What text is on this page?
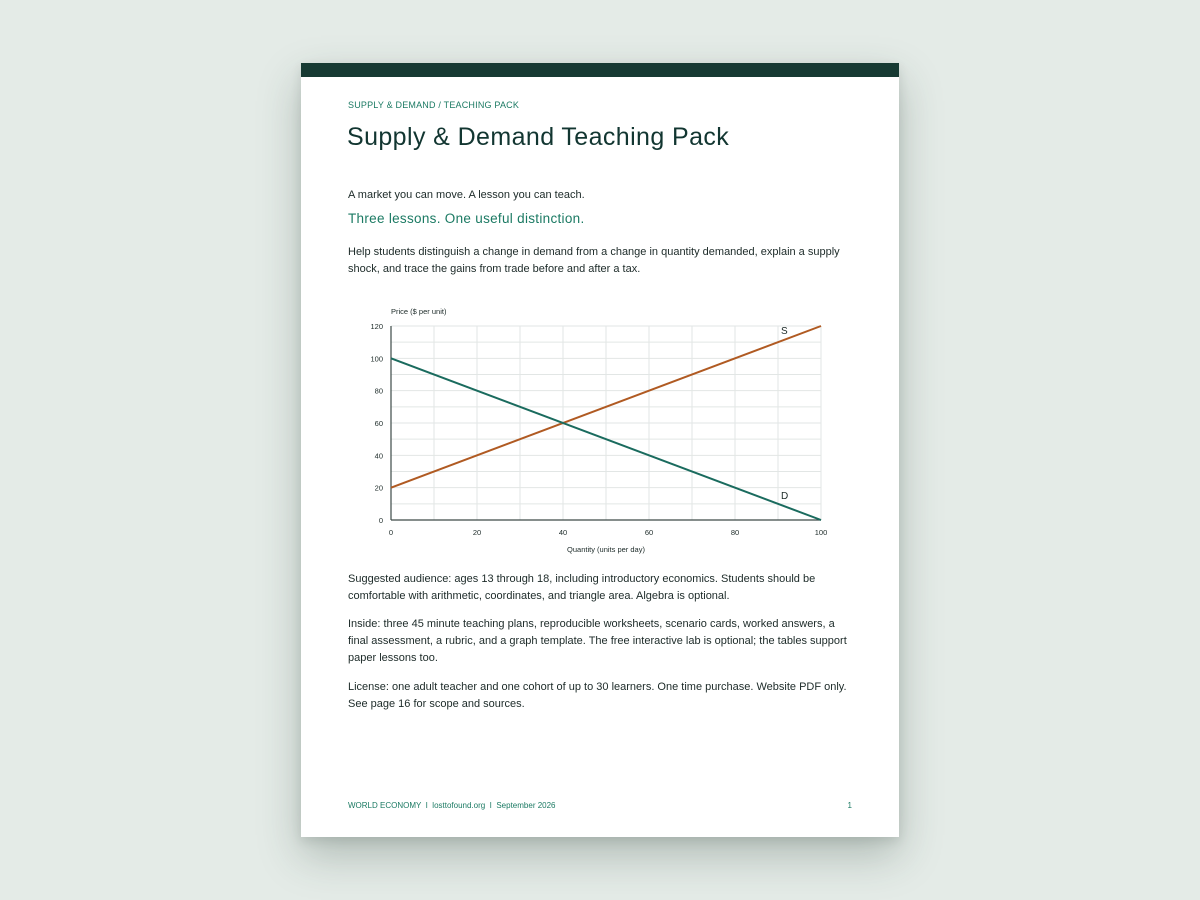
SUPPLY & DEMAND / TEACHING PACK
Supply & Demand Teaching Pack
A market you can move. A lesson you can teach.
Three lessons. One useful distinction.

Help students distinguish a change in demand from a change in quantity demanded, explain a supply shock, and trace the gains from trade before and after a tax.

0	20	40	60	80	100
0
20
40
60
80
100
120
Quantity (units per day)
Price ($ per unit)
S
D

Suggested audience: ages 13 through 18, including introductory economics. Students should be comfortable with arithmetic, coordinates, and triangle area. Algebra is optional.

Inside: three 45 minute teaching plans, reproducible worksheets, scenario cards, worked answers, a final assessment, a rubric, and a graph template. The free interactive lab is optional; the tables support paper lessons too.

License: one adult teacher and one cohort of up to 30 learners. One time purchase. Website PDF only. See page 16 for scope and sources.

WORLD ECONOMY  I  losttofound.org  I  September 2026	1
